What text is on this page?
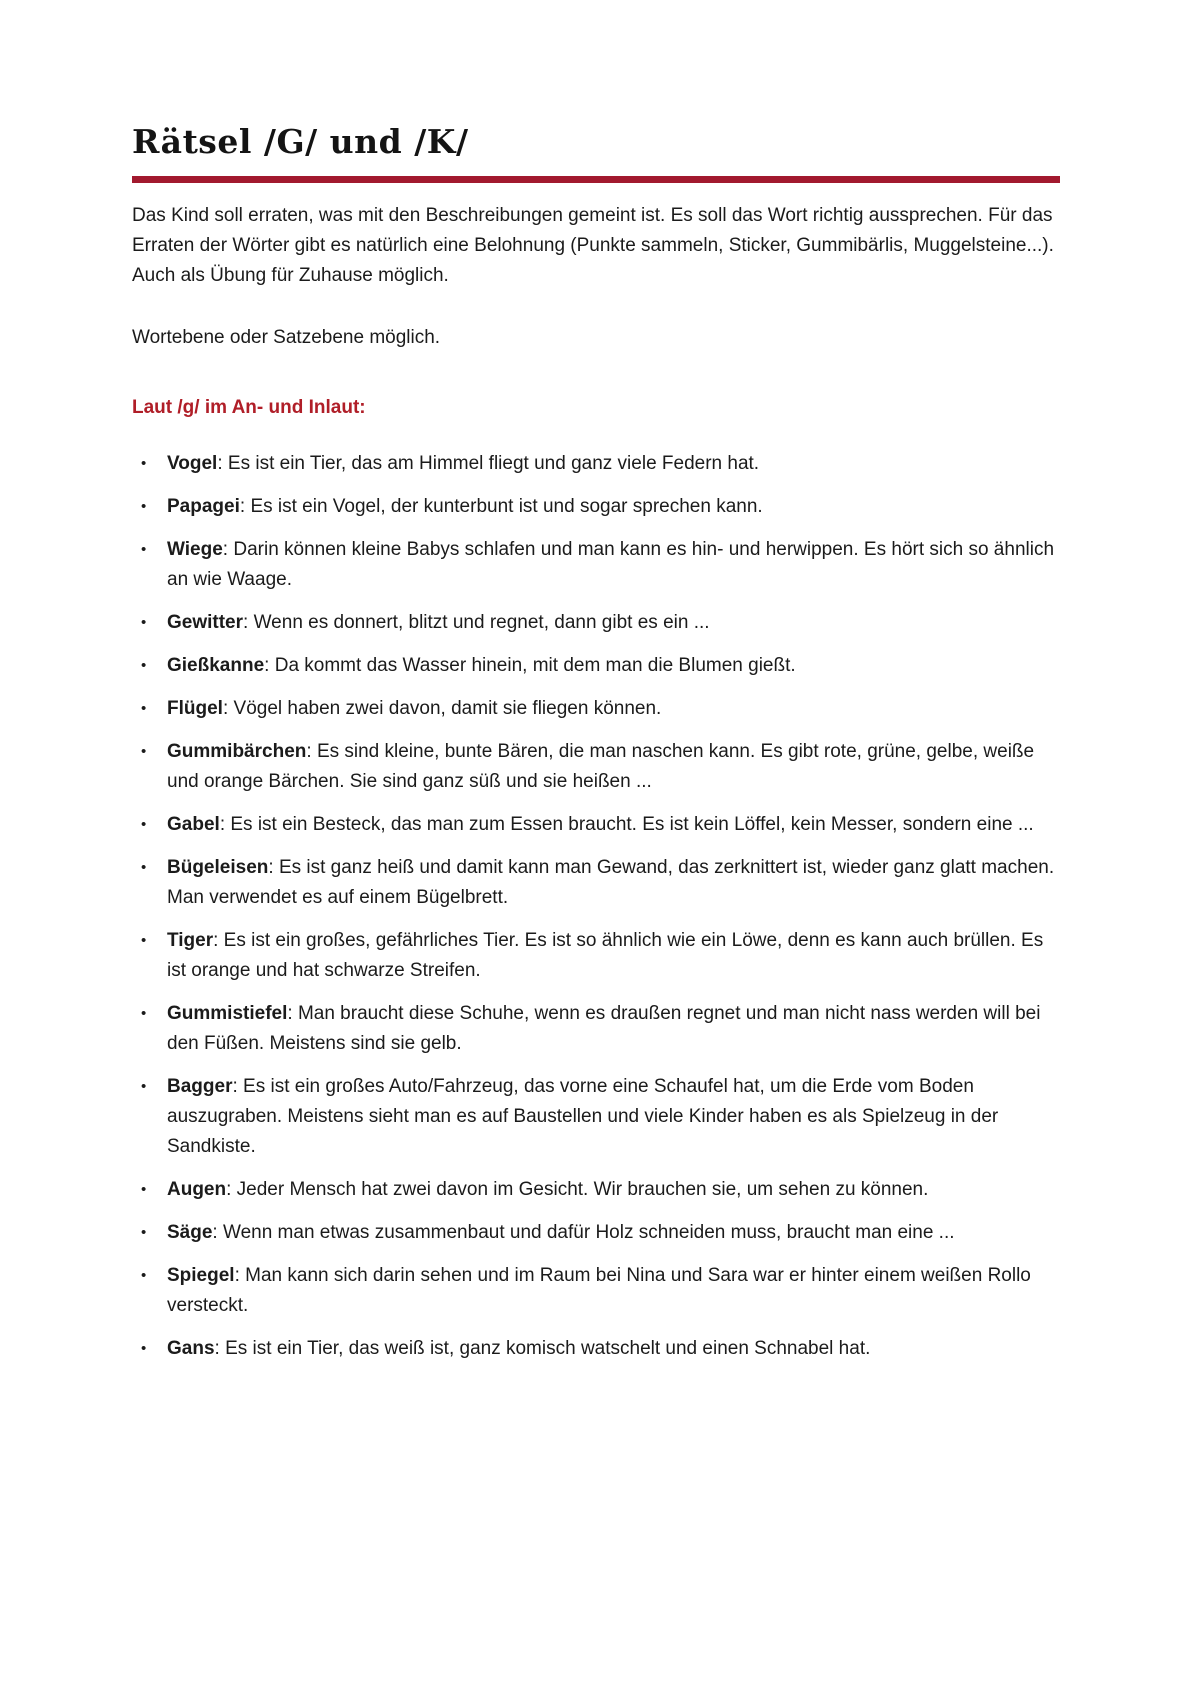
Rätsel /G/ und /K/

Das Kind soll erraten, was mit den Beschreibungen gemeint ist. Es soll das Wort richtig aussprechen. Für das Erraten der Wörter gibt es natürlich eine Belohnung (Punkte sammeln, Sticker, Gummibärlis, Muggelsteine...). Auch als Übung für Zuhause möglich.

Wortebene oder Satzebene möglich.

Laut /g/ im An- und Inlaut:
•	Vogel: Es ist ein Tier, das am Himmel fliegt und ganz viele Federn hat.

•	Papagei: Es ist ein Vogel, der kunterbunt ist und sogar sprechen kann.

•	Wiege: Darin können kleine Babys schlafen und man kann es hin- und herwippen. Es hört sich so ähnlich an wie Waage.

•	Gewitter: Wenn es donnert, blitzt und regnet, dann gibt es ein ...

•	Gießkanne: Da kommt das Wasser hinein, mit dem man die Blumen gießt.

•	Flügel: Vögel haben zwei davon, damit sie fliegen können.

•	Gummibärchen: Es sind kleine, bunte Bären, die man naschen kann. Es gibt rote, grüne, gelbe, weiße und orange Bärchen. Sie sind ganz süß und sie heißen ...

•	Gabel: Es ist ein Besteck, das man zum Essen braucht. Es ist kein Löffel, kein Messer, sondern eine ...

•	Bügeleisen: Es ist ganz heiß und damit kann man Gewand, das zerknittert ist, wieder ganz glatt machen. Man verwendet es auf einem Bügelbrett.

•	Tiger: Es ist ein großes, gefährliches Tier. Es ist so ähnlich wie ein Löwe, denn es kann auch brüllen. Es ist orange und hat schwarze Streifen.

•	Gummistiefel: Man braucht diese Schuhe, wenn es draußen regnet und man nicht nass werden will bei den Füßen. Meistens sind sie gelb.

•	Bagger: Es ist ein großes Auto/Fahrzeug, das vorne eine Schaufel hat, um die Erde vom Boden auszugraben. Meistens sieht man es auf Baustellen und viele Kinder haben es als Spielzeug in der Sandkiste.

•	Augen: Jeder Mensch hat zwei davon im Gesicht. Wir brauchen sie, um sehen zu können.

•	Säge: Wenn man etwas zusammenbaut und dafür Holz schneiden muss, braucht man eine ...

•	Spiegel: Man kann sich darin sehen und im Raum bei Nina und Sara war er hinter einem weißen Rollo versteckt.

•	Gans: Es ist ein Tier, das weiß ist, ganz komisch watschelt und einen Schnabel hat.
